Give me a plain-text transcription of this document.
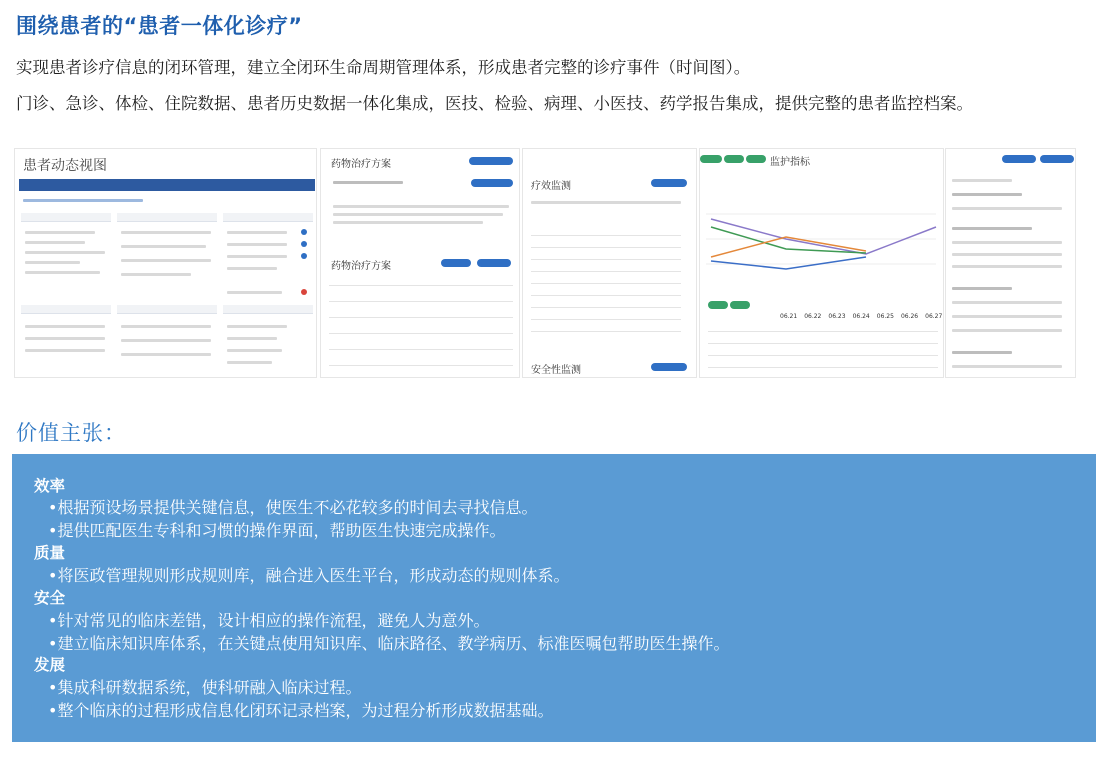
围绕患者的“患者一体化诊疗”
实现患者诊疗信息的闭环管理，建立全闭环生命周期管理体系，形成患者完整的诊疗事件（时间图）。
门诊、急诊、体检、住院数据、患者历史数据一体化集成，医技、检验、病理、小医技、药学报告集成，提供完整的患者监控档案。
患者动态视图	药物治疗方案
药物治疗方案
疗效监测
安全性监测
监护指标
06.21 06.22 06.23 06.24 06.25 06.26 06.27
价值主张：
效率
•根据预设场景提供关键信息，使医生不必花较多的时间去寻找信息。
•提供匹配医生专科和习惯的操作界面，帮助医生快速完成操作。
质量
•将医政管理规则形成规则库，融合进入医生平台，形成动态的规则体系。
安全
•针对常见的临床差错，设计相应的操作流程，避免人为意外。
•建立临床知识库体系，在关键点使用知识库、临床路径、教学病历、标准医嘱包帮助医生操作。
发展
•集成科研数据系统，使科研融入临床过程。
•整个临床的过程形成信息化闭环记录档案，为过程分析形成数据基础。
